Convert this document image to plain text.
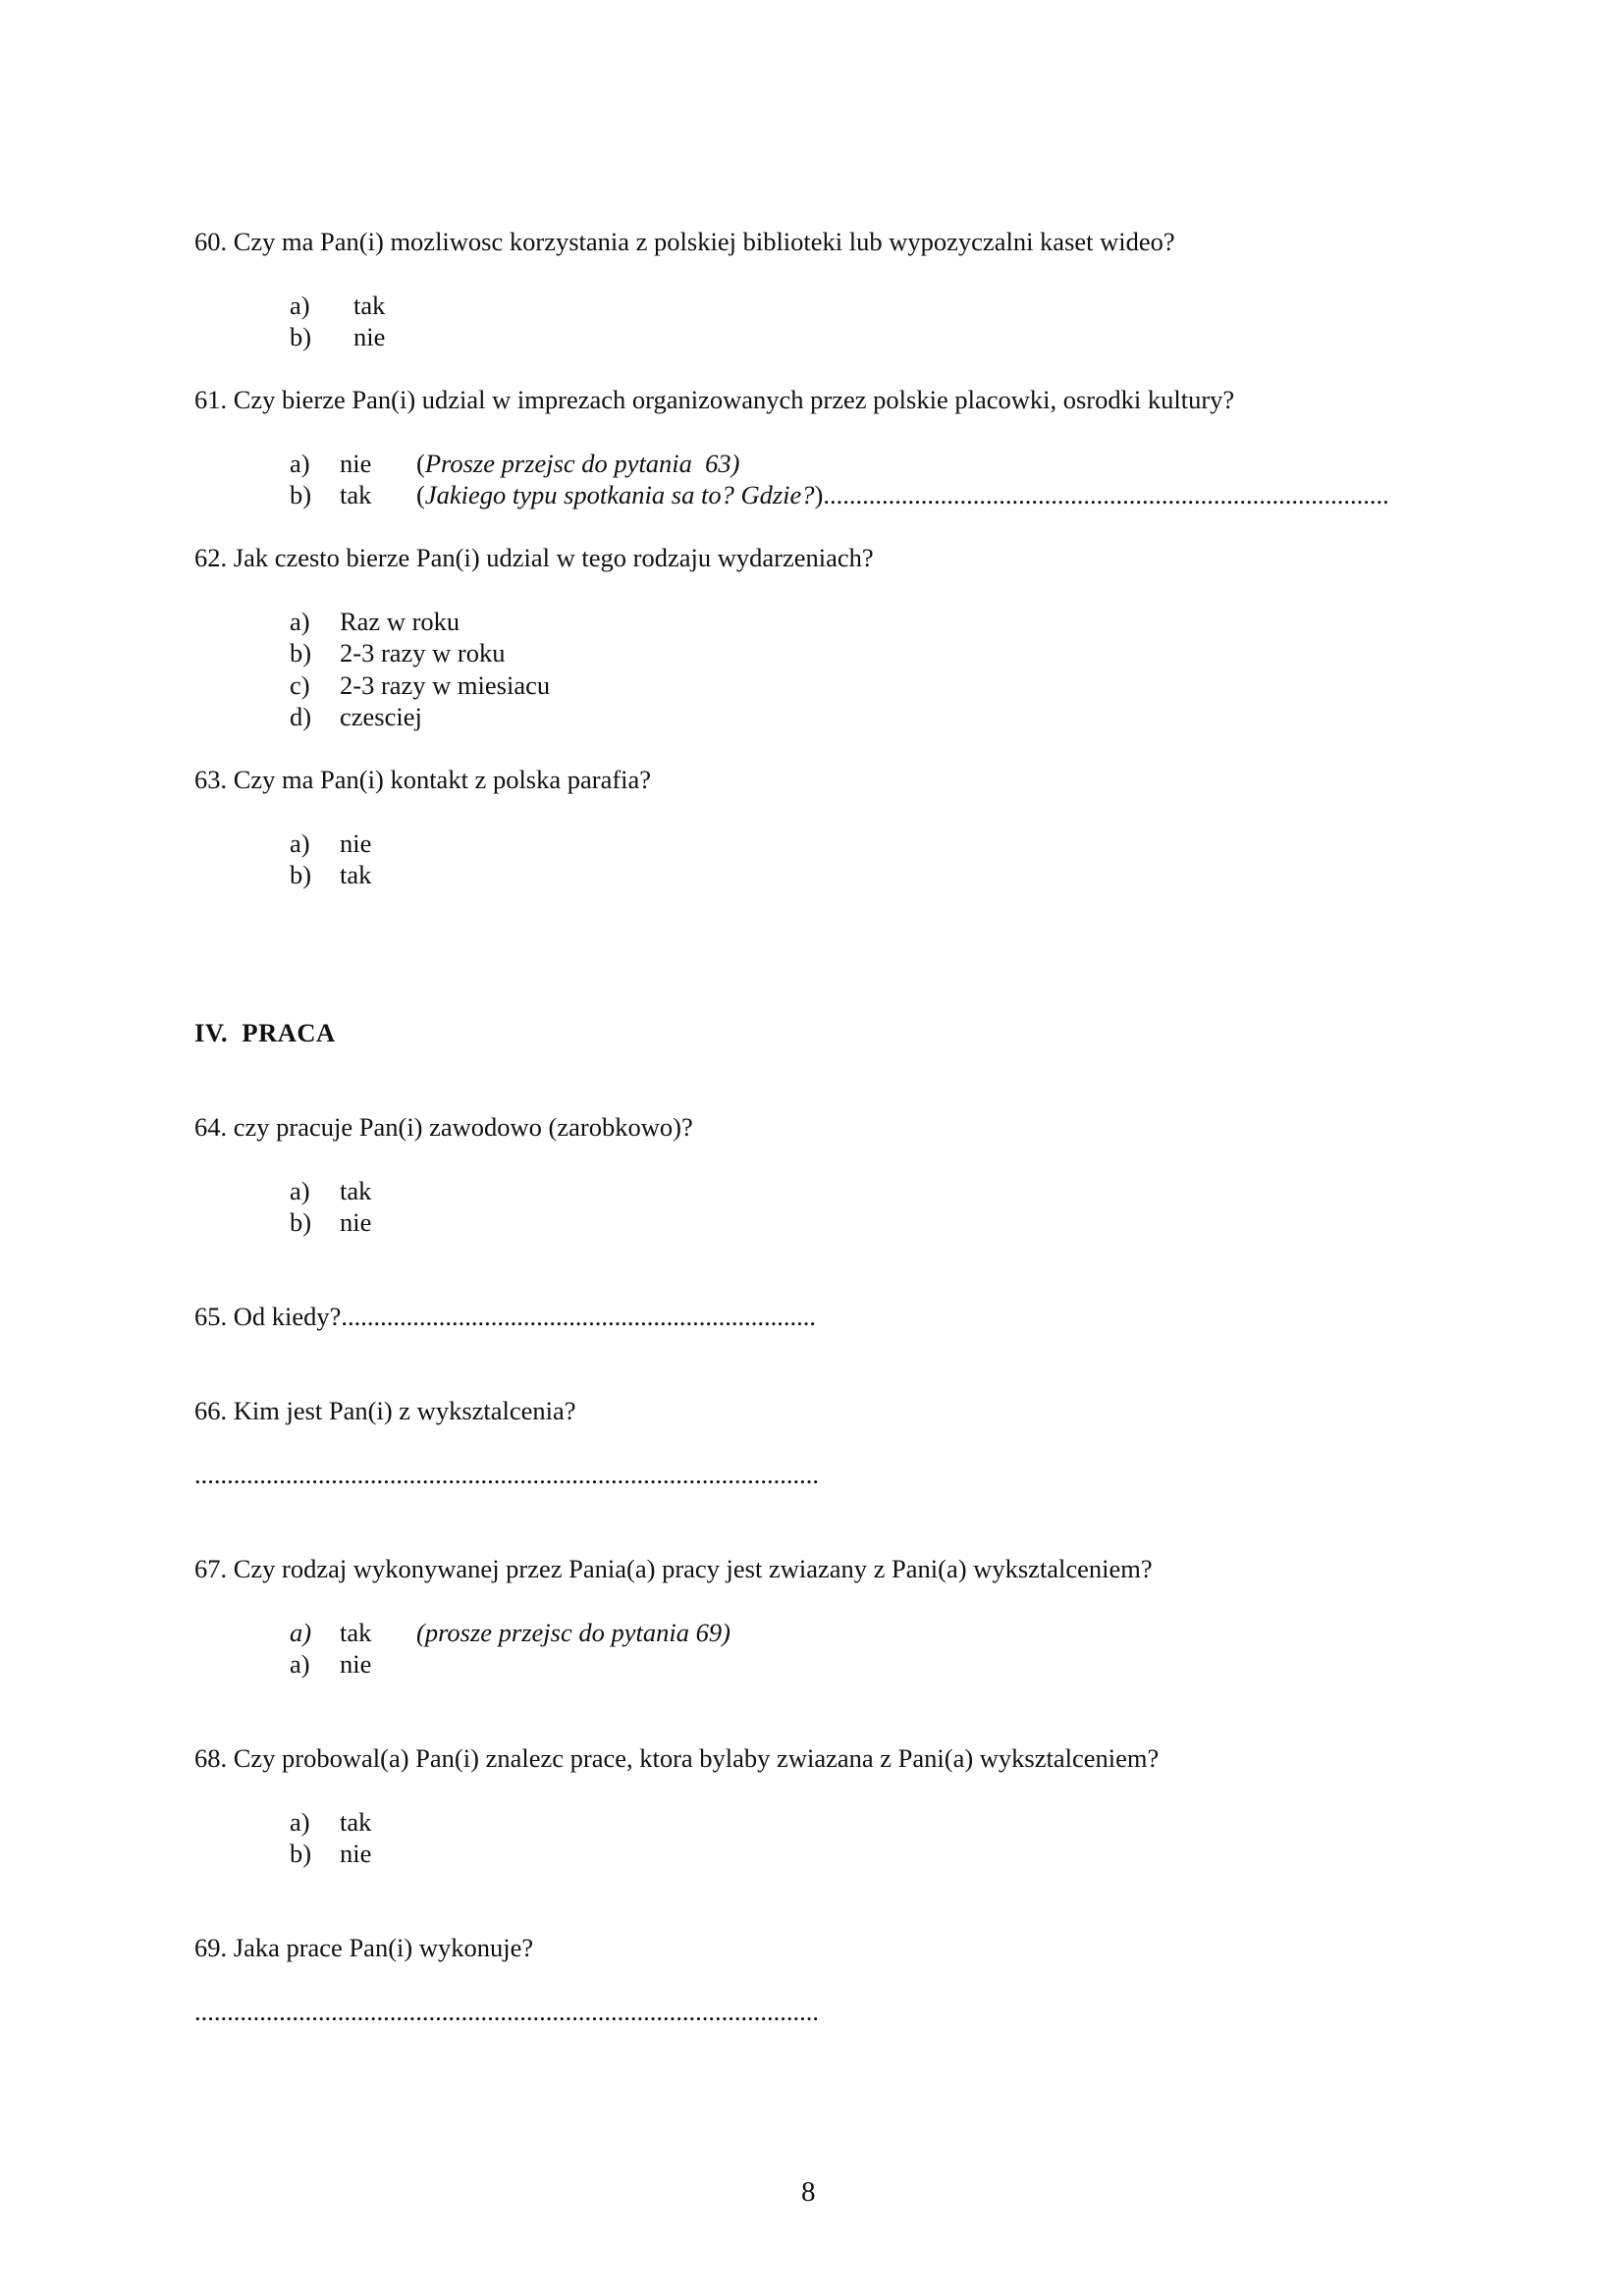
60. Czy ma Pan(i) mozliwosc korzystania z polskiej biblioteki lub wypozyczalni kaset wideo?
a) tak
b) nie
61. Czy bierze Pan(i) udzial w imprezach organizowanych przez polskie placowki, osrodki kultury?
a) nie (Prosze przejsc do pytania  63)
b) tak (Jakiego typu spotkania sa to? Gdzie?).......................................................................................
62. Jak czesto bierze Pan(i) udzial w tego rodzaju wydarzeniach?
a) Raz w roku
b) 2-3 razy w roku
c) 2-3 razy w miesiacu
d) czesciej
63. Czy ma Pan(i) kontakt z polska parafia?
a) nie
b) tak
IV.  PRACA
64. czy pracuje Pan(i) zawodowo (zarobkowo)?
a) tak
b) nie
65. Od kiedy?.........................................................................
66. Kim jest Pan(i) z wyksztalcenia?
................................................................................................
67. Czy rodzaj wykonywanej przez Pania(a) pracy jest zwiazany z Pani(a) wyksztalceniem?
a) tak (prosze przejsc do pytania 69)
a) nie
68. Czy probowal(a) Pan(i) znalezc prace, ktora bylaby zwiazana z Pani(a) wyksztalceniem?
a) tak
b) nie
69. Jaka prace Pan(i) wykonuje?
................................................................................................
8
